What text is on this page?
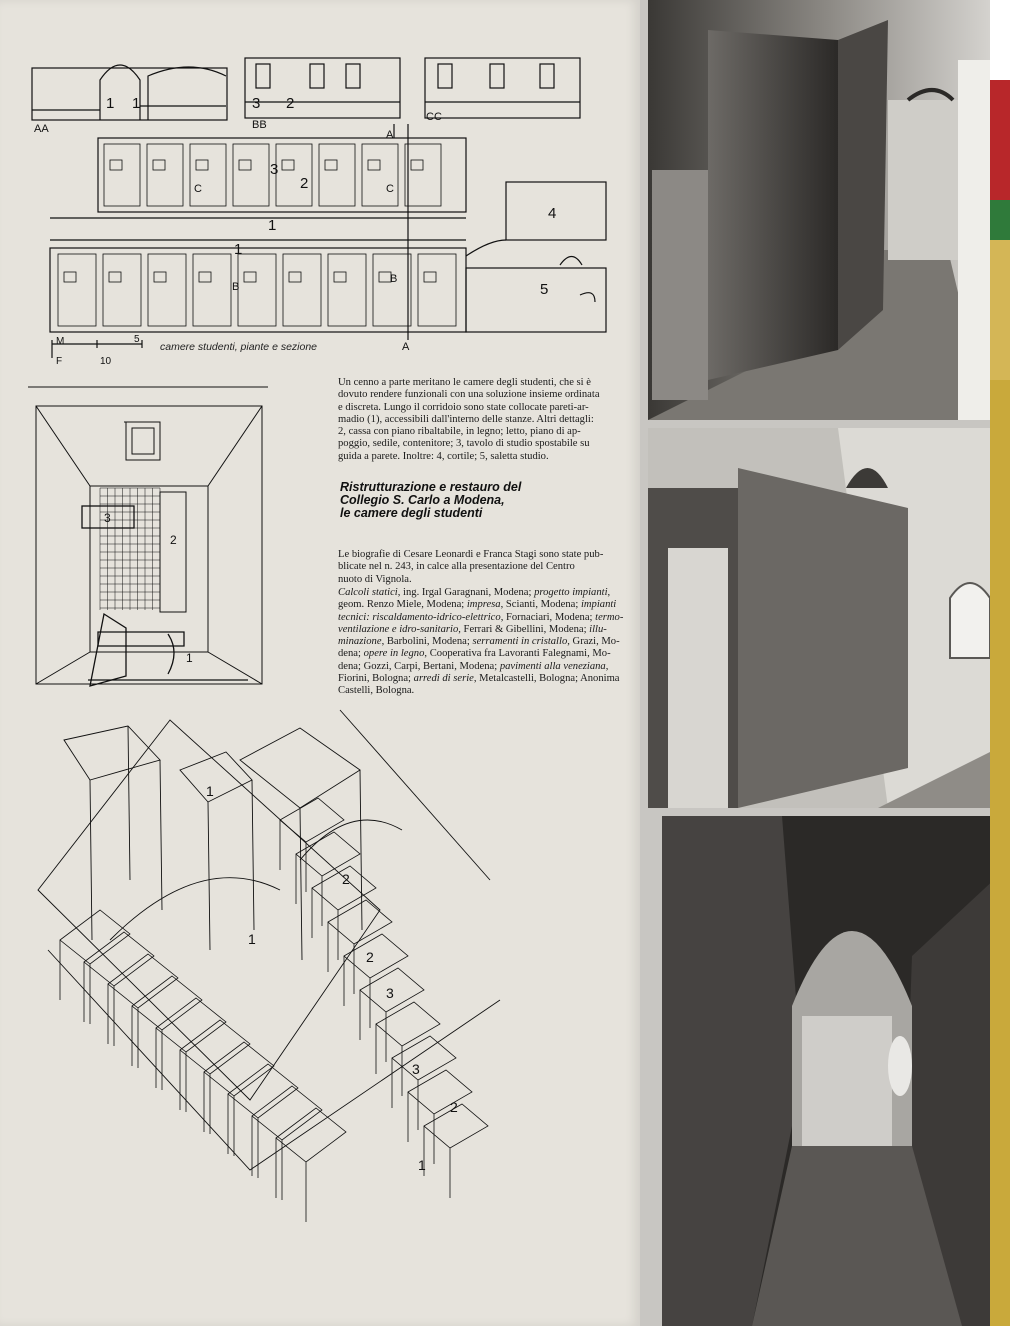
AA	BB
CC
A
A
B
B
C	C
1 1	3 2
3
2
1
1
4
5
M
F
5
10
camere studenti, piante e sezione
3
2
1
Un cenno a parte meritano le camere degli studenti, che si è
dovuto rendere funzionali con una soluzione insieme ordinata
e discreta. Lungo il corridoio sono state collocate pareti-ar-
madio (1), accessibili dall'interno delle stanze. Altri dettagli:
2, cassa con piano ribaltabile, in legno; letto, piano di ap-
poggio, sedile, contenitore; 3, tavolo di studio spostabile su
guida a parete. Inoltre: 4, cortile; 5, saletta studio.
Ristrutturazione e restauro del
Collegio S. Carlo a Modena,
le camere degli studenti
Le biografie di Cesare Leonardi e Franca Stagi sono state pub-
blicate nel n. 243, in calce alla presentazione del Centro
nuoto di Vignola.
Calcoli statici, ing. Irgal Garagnani, Modena; progetto impianti,
geom. Renzo Miele, Modena; impresa, Scianti, Modena; impianti
tecnici: riscaldamento-idrico-elettrico, Fornaciari, Modena; termo-
ventilazione e idro-sanitario, Ferrari & Gibellini, Modena; illu-
minazione, Barbolini, Modena; serramenti in cristallo, Grazi, Mo-
dena; opere in legno, Cooperativa fra Lavoranti Falegnami, Mo-
dena; Gozzi, Carpi, Bertani, Modena; pavimenti alla veneziana,
Fiorini, Bologna; arredi di serie, Metalcastelli, Bologna; Anonima
Castelli, Bologna.
1
2
1
2
3
3
2
1
